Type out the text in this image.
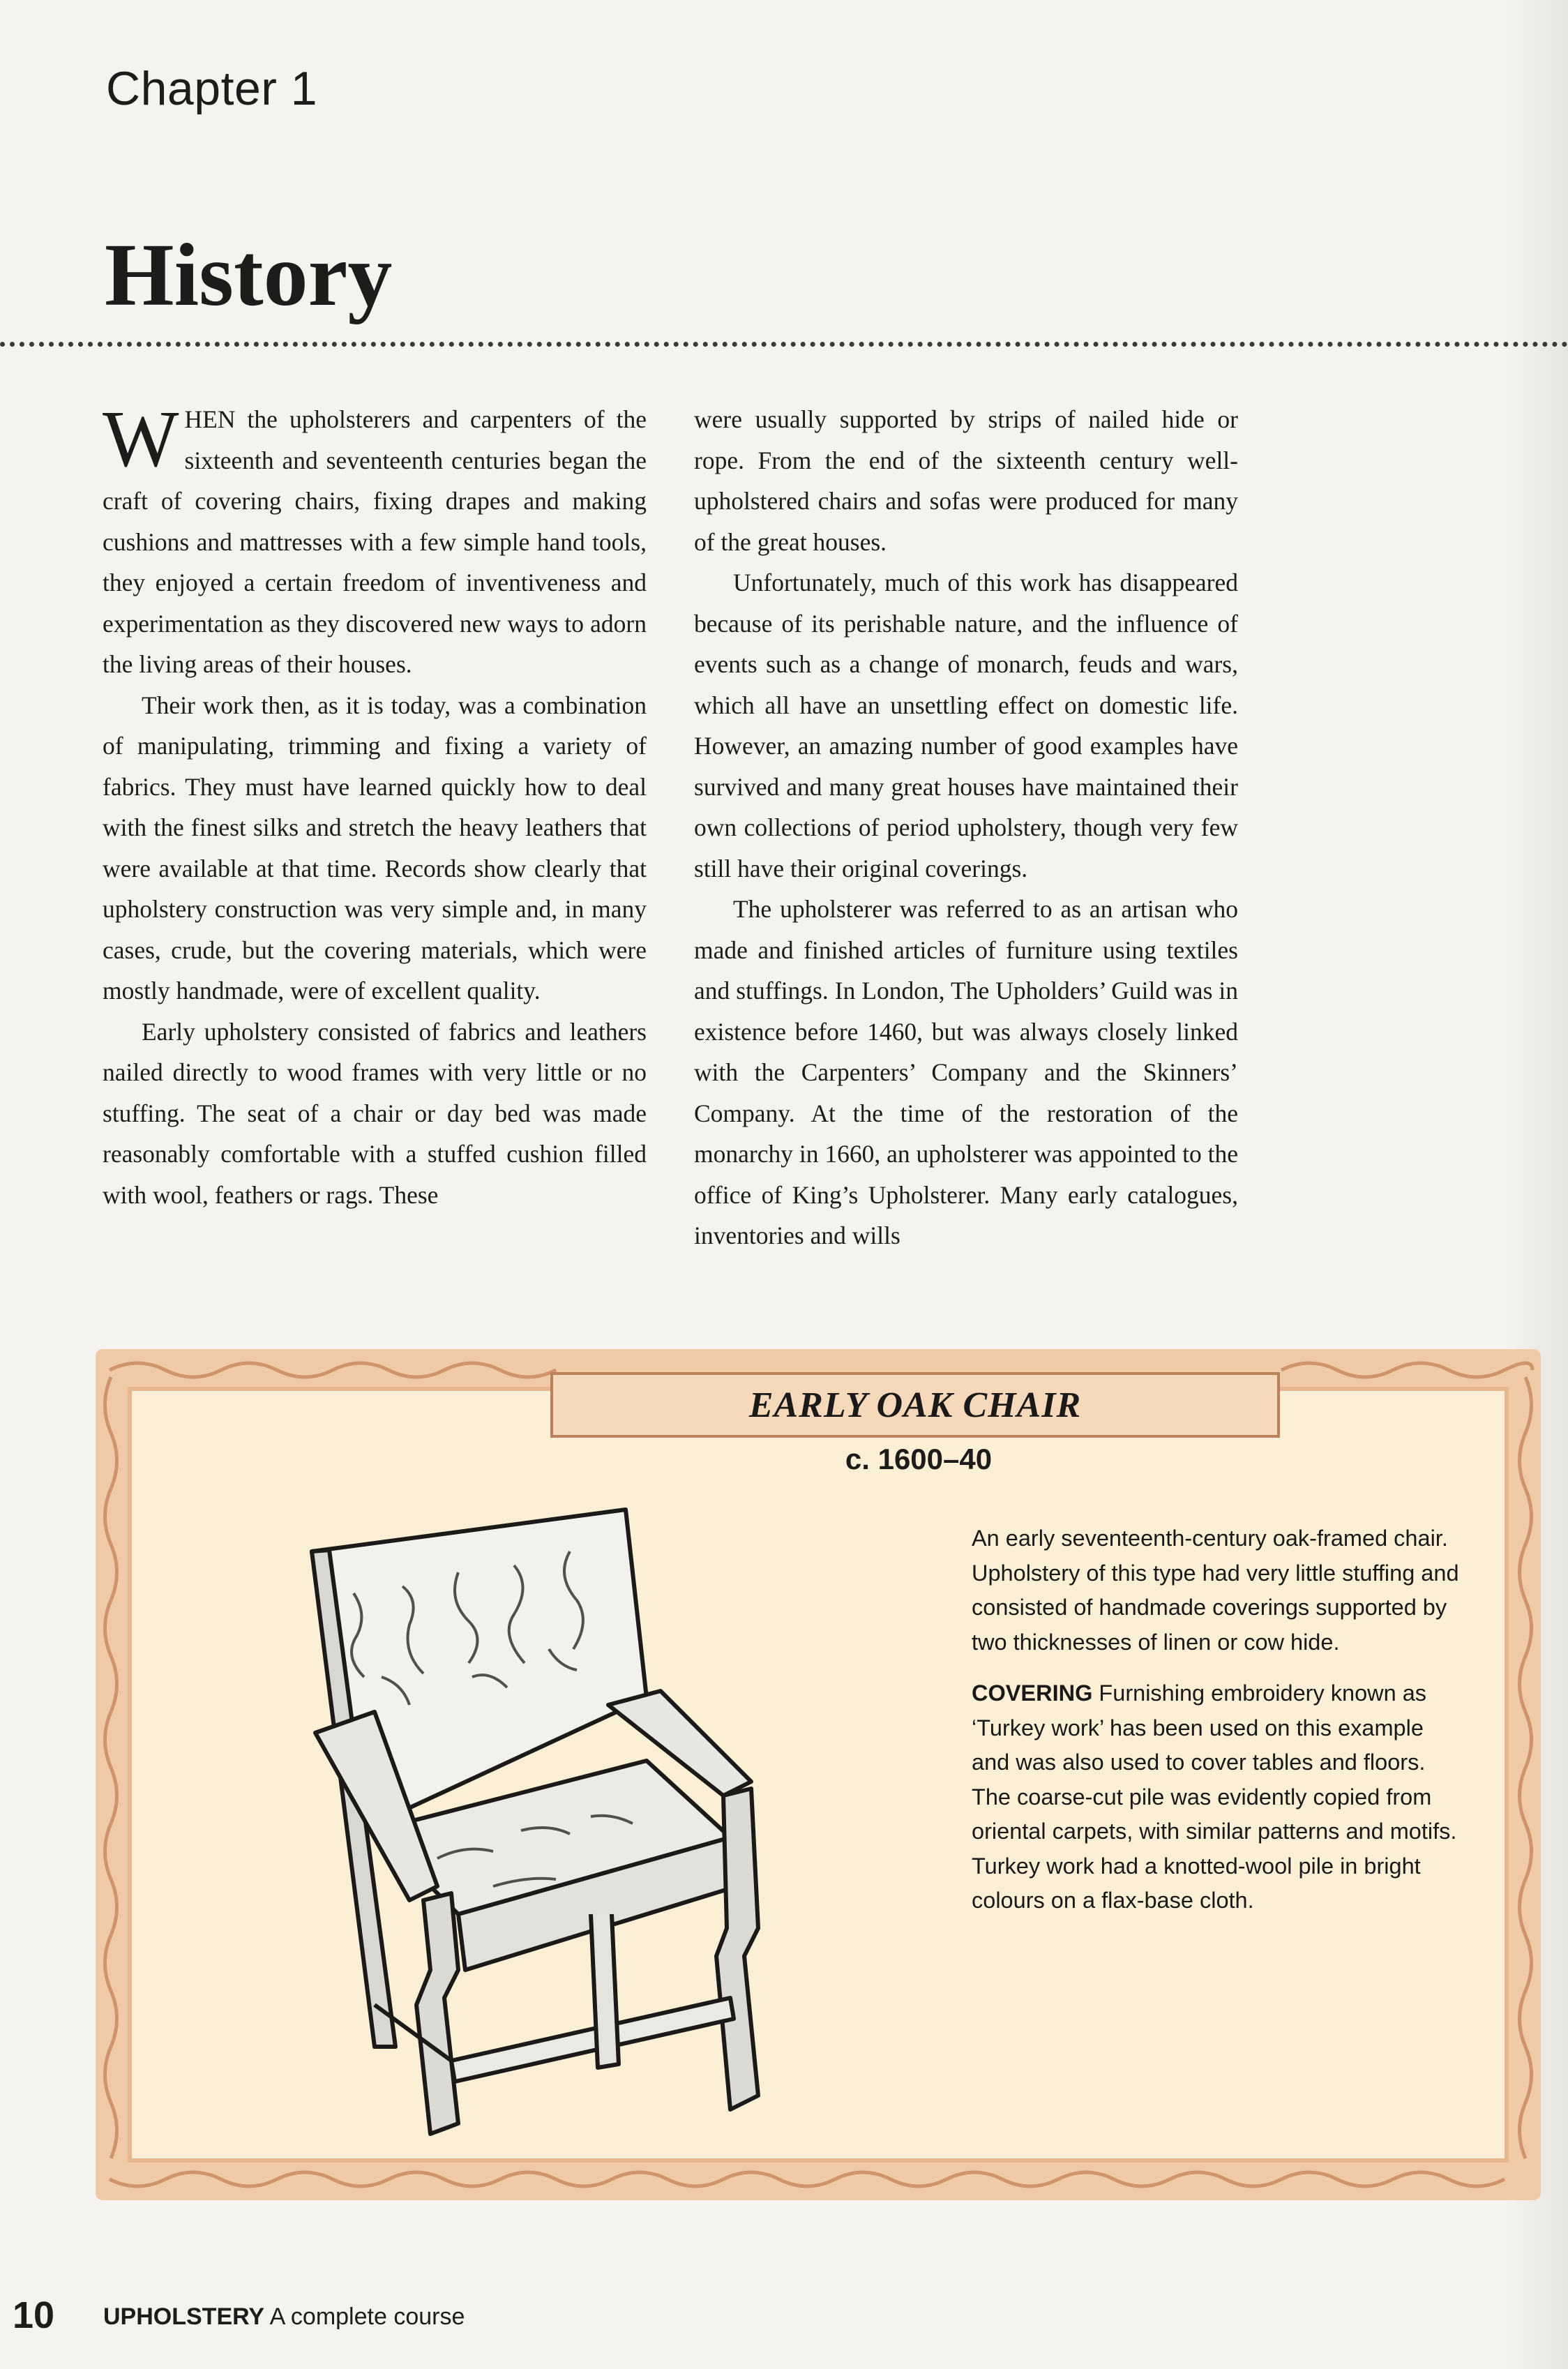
Chapter 1
History

WHEN the upholsterers and carpenters of the sixteenth and seventeenth centuries began the craft of covering chairs, fixing drapes and making cushions and mattresses with a few simple hand tools, they enjoyed a certain freedom of inventiveness and experimentation as they discovered new ways to adorn the living areas of their houses.

Their work then, as it is today, was a combination of manipulating, trimming and fixing a variety of fabrics. They must have learned quickly how to deal with the finest silks and stretch the heavy leathers that were available at that time. Records show clearly that upholstery construction was very simple and, in many cases, crude, but the covering materials, which were mostly handmade, were of excellent quality.

Early upholstery consisted of fabrics and leathers nailed directly to wood frames with very little or no stuffing. The seat of a chair or day bed was made reasonably comfortable with a stuffed cushion filled with wool, feathers or rags. These

were usually supported by strips of nailed hide or rope. From the end of the sixteenth century well-upholstered chairs and sofas were produced for many of the great houses.

Unfortunately, much of this work has disappeared because of its perishable nature, and the influence of events such as a change of monarch, feuds and wars, which all have an unsettling effect on domestic life. However, an amazing number of good examples have survived and many great houses have maintained their own collections of period upholstery, though very few still have their original coverings.

The upholsterer was referred to as an artisan who made and finished articles of furniture using textiles and stuffings. In London, The Upholders’ Guild was in existence before 1460, but was always closely linked with the Carpenters’ Company and the Skinners’ Company. At the time of the restoration of the monarchy in 1660, an upholsterer was appointed to the office of King’s Upholsterer. Many early catalogues, inventories and wills

EARLY OAK CHAIR
c. 1600–40

An early seventeenth-century oak-framed chair. Upholstery of this type had very little stuffing and consisted of handmade coverings supported by two thicknesses of linen or cow hide.

COVERING Furnishing embroidery known as ‘Turkey work’ has been used on this example and was also used to cover tables and floors. The coarse-cut pile was evidently copied from oriental carpets, with similar patterns and motifs. Turkey work had a knotted-wool pile in bright colours on a flax-base cloth.

10 UPHOLSTERY A complete course
